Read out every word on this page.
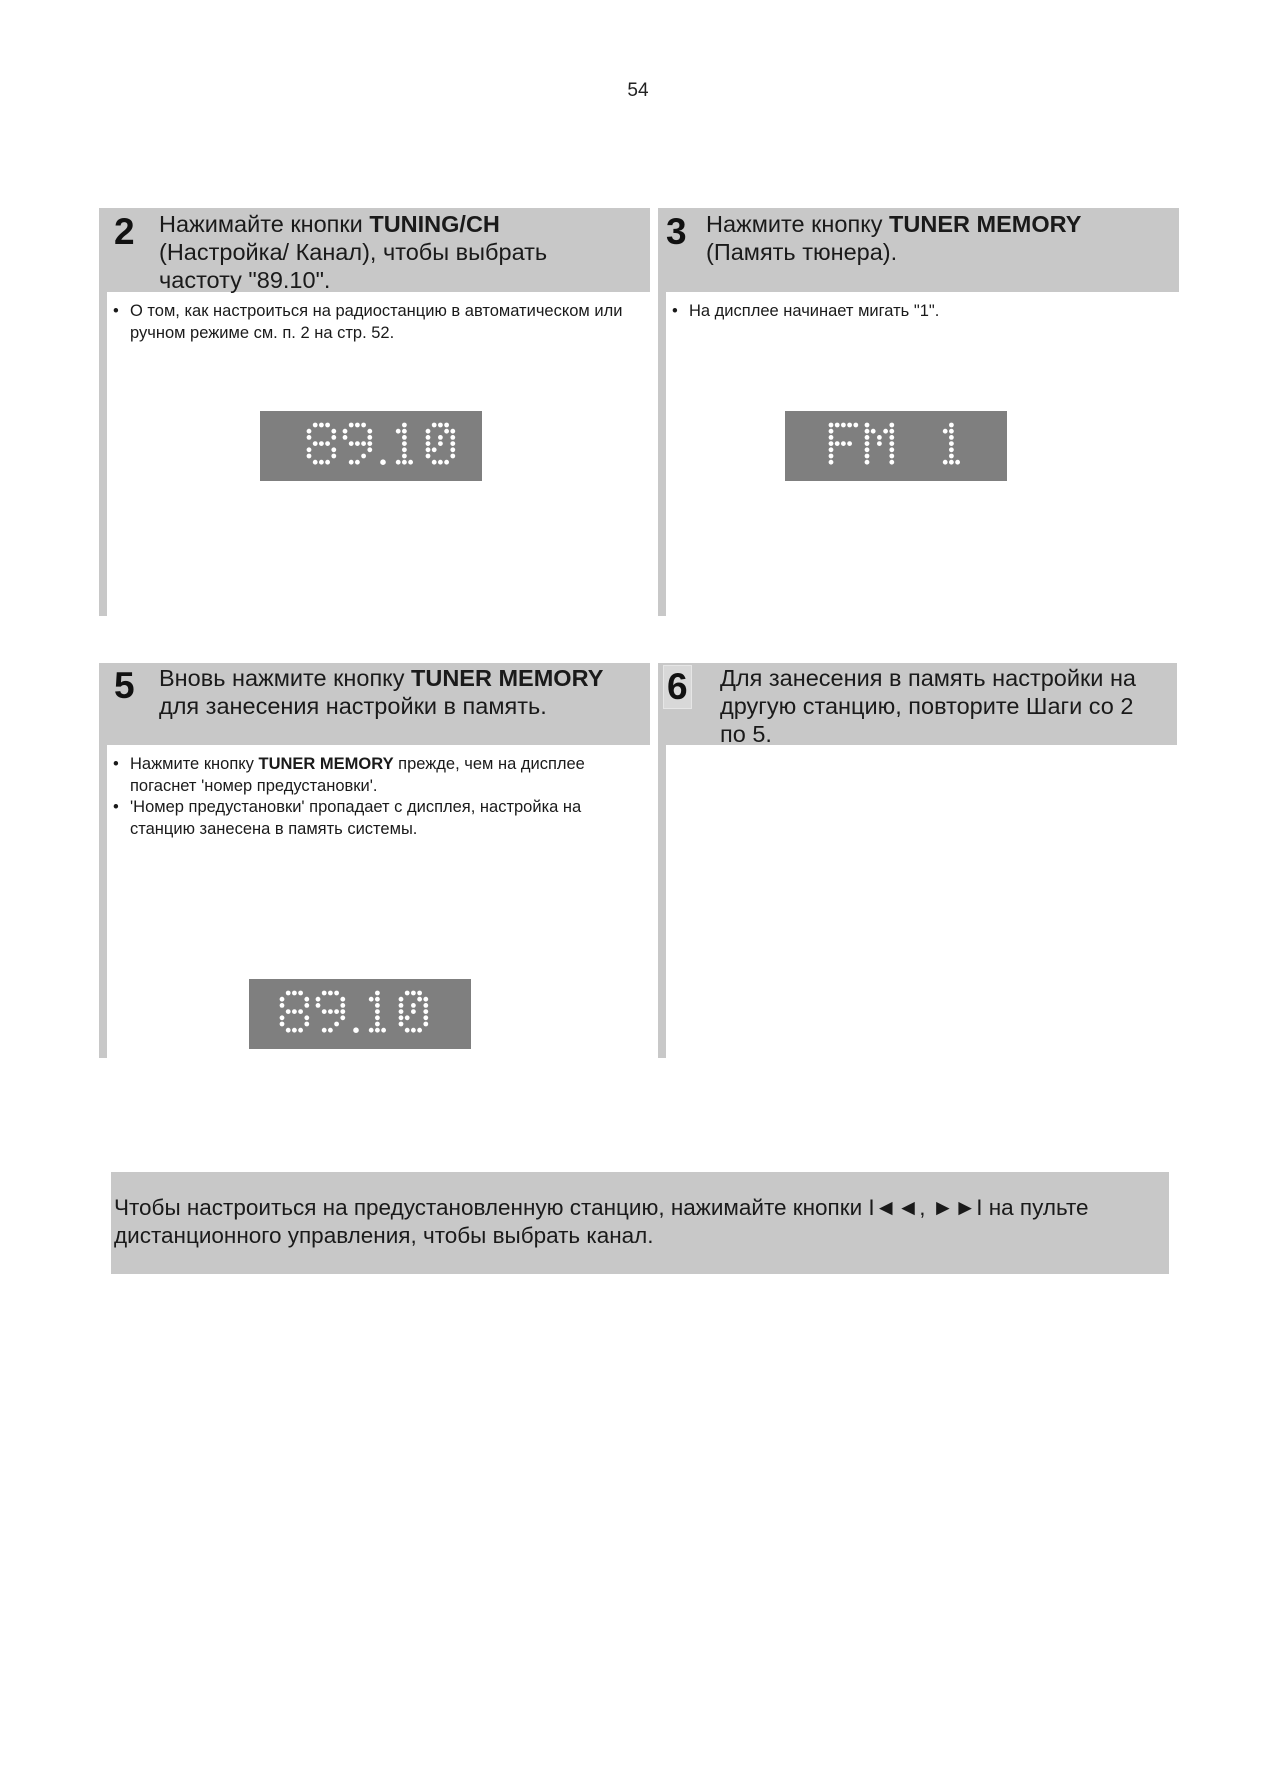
54
2 Нажимайте кнопки TUNING/CH (Настройка/ Канал), чтобы выбрать частоту "89.10".
• О том, как настроиться на радиостанцию в автоматическом или ручном режиме см. п. 2 на стр. 52.
3 Нажмите кнопку TUNER MEMORY (Память тюнера).
• На дисплее начинает мигать "1".
5 Вновь нажмите кнопку TUNER MEMORY для занесения настройки в память.
• Нажмите кнопку TUNER MEMORY прежде, чем на дисплее погаснет 'номер предустановки'.
• 'Номер предустановки' пропадает с дисплея, настройка на станцию занесена в память системы.
6 Для занесения в память настройки на другую станцию, повторите Шаги со 2 по 5.
Чтобы настроиться на предустановленную станцию, нажимайте кнопки I◄◄, ►►I на пульте дистанционного управления, чтобы выбрать канал.
